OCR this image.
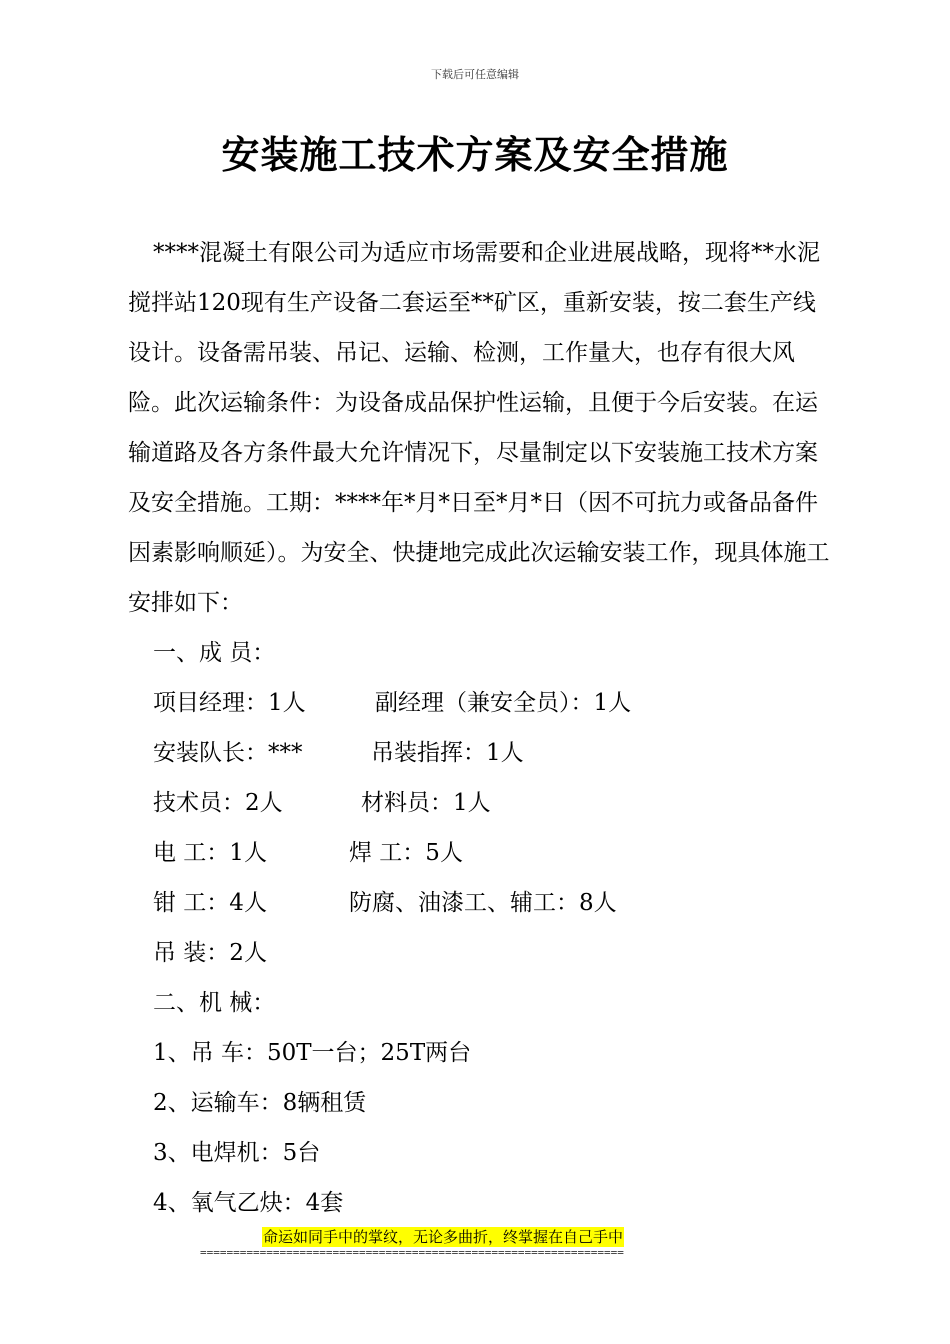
下载后可任意编辑
安装施工技术方案及安全措施

****混凝土有限公司为适应市场需要和企业进展战略，现将**水泥搅拌站120现有生产设备二套运至**矿区，重新安装，按二套生产线设计。设备需吊装、吊记、运输、检测，工作量大，也存有很大风险。此次运输条件：为设备成品保护性运输，且便于今后安装。在运输道路及各方条件最大允许情况下，尽量制定以下安装施工技术方案及安全措施。工期：****年*月*日至*月*日（因不可抗力或备品备件因素影响顺延）。为安全、快捷地完成此次运输安装工作，现具体施工安排如下：

一、成 员：
项目经理：1人	副经理（兼安全员）：1人
安装队长：***	吊装指挥：1人
技术员：2人	材料员：1人
电 工：1人	焊 工：5人
钳 工：4人	防腐、油漆工、辅工：8人
吊 装：2人
二、机 械：
1、吊 车：50T一台；25T两台
2、运输车：8辆租赁
3、电焊机：5台
4、氧气乙炔：4套
命运如同手中的掌纹，无论多曲折，终掌握在自己手中
================================================================
